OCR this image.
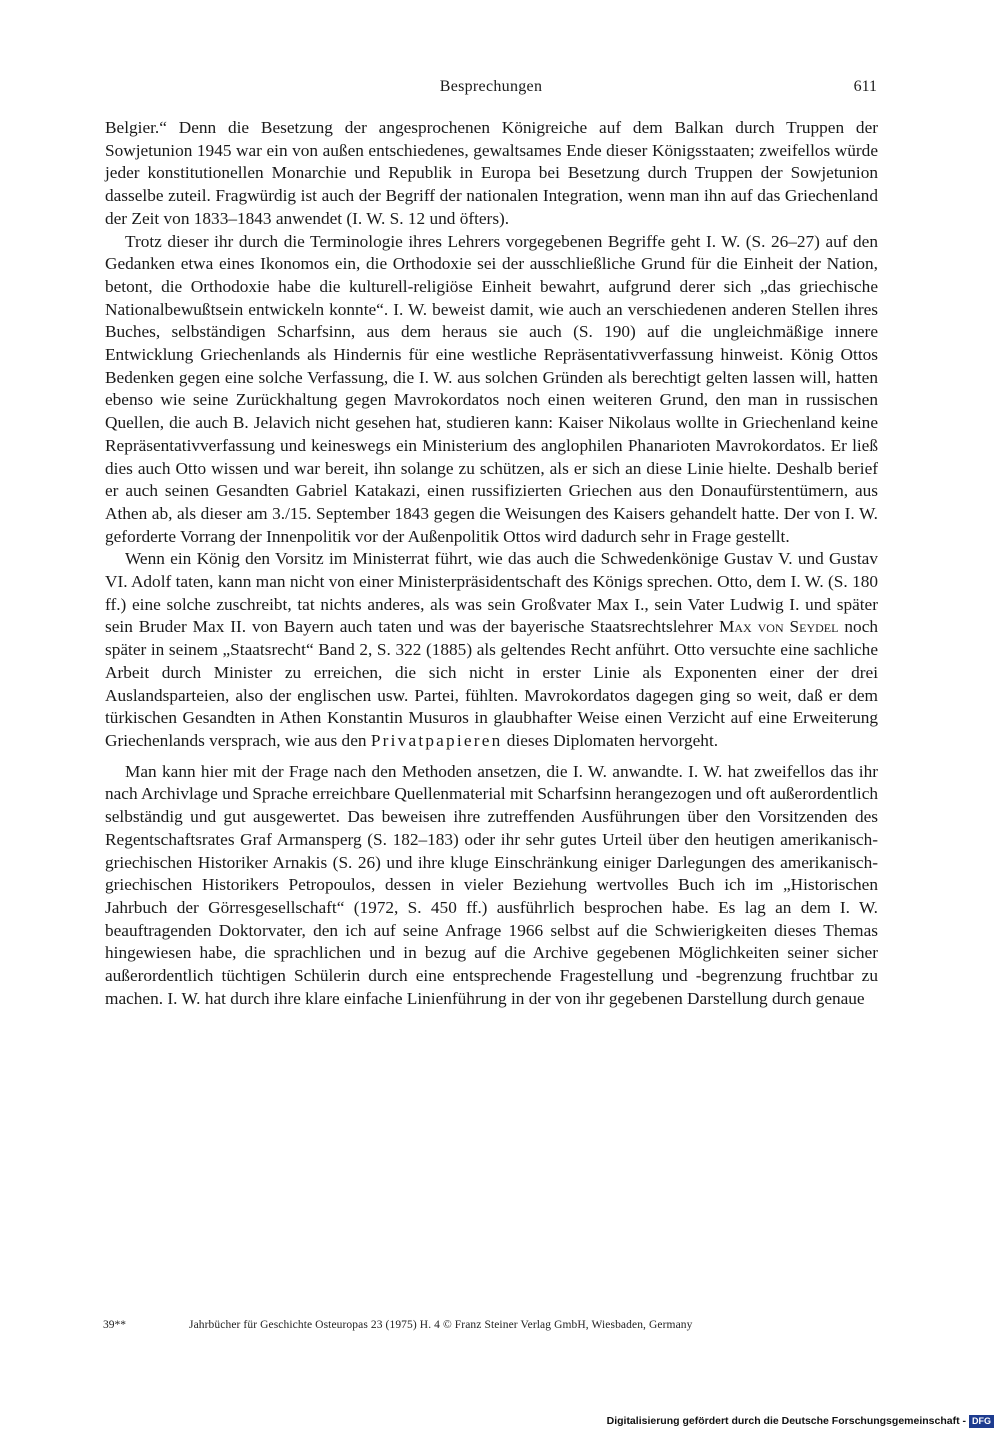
Besprechungen	611

Belgier.“ Denn die Besetzung der angesprochenen Königreiche auf dem Balkan durch Truppen der Sowjetunion 1945 war ein von außen entschiedenes, gewaltsames Ende dieser Königsstaaten; zweifellos würde jeder konstitutionellen Monarchie und Republik in Europa bei Besetzung durch Truppen der Sowjetunion dasselbe zuteil. Fragwürdig ist auch der Begriff der nationalen Integration, wenn man ihn auf das Griechenland der Zeit von 1833–1843 anwendet (I. W. S. 12 und öfters).

Trotz dieser ihr durch die Terminologie ihres Lehrers vorgegebenen Begriffe geht I. W. (S. 26–27) auf den Gedanken etwa eines Ikonomos ein, die Orthodoxie sei der ausschließliche Grund für die Einheit der Nation, betont, die Orthodoxie habe die kulturell-religiöse Einheit bewahrt, aufgrund derer sich „das griechische Nationalbewußtsein entwickeln konnte“. I. W. beweist damit, wie auch an verschiedenen anderen Stellen ihres Buches, selbständigen Scharfsinn, aus dem heraus sie auch (S. 190) auf die ungleichmäßige innere Entwicklung Griechenlands als Hindernis für eine westliche Repräsentativverfassung hinweist. König Ottos Bedenken gegen eine solche Verfassung, die I. W. aus solchen Gründen als berechtigt gelten lassen will, hatten ebenso wie seine Zurückhaltung gegen Mavrokordatos noch einen weiteren Grund, den man in russischen Quellen, die auch B. Jelavich nicht gesehen hat, studieren kann: Kaiser Nikolaus wollte in Griechenland keine Repräsentativverfassung und keineswegs ein Ministerium des anglophilen Phanarioten Mavrokordatos. Er ließ dies auch Otto wissen und war bereit, ihn solange zu schützen, als er sich an diese Linie hielte. Deshalb berief er auch seinen Gesandten Gabriel Katakazi, einen russifizierten Griechen aus den Donaufürstentümern, aus Athen ab, als dieser am 3./15. September 1843 gegen die Weisungen des Kaisers gehandelt hatte. Der von I. W. geforderte Vorrang der Innenpolitik vor der Außenpolitik Ottos wird dadurch sehr in Frage gestellt.

Wenn ein König den Vorsitz im Ministerrat führt, wie das auch die Schwedenkönige Gustav V. und Gustav VI. Adolf taten, kann man nicht von einer Ministerpräsidentschaft des Königs sprechen. Otto, dem I. W. (S. 180 ff.) eine solche zuschreibt, tat nichts anderes, als was sein Großvater Max I., sein Vater Ludwig I. und später sein Bruder Max II. von Bayern auch taten und was der bayerische Staatsrechtslehrer Max von Seydel noch später in seinem „Staatsrecht“ Band 2, S. 322 (1885) als geltendes Recht anführt. Otto versuchte eine sachliche Arbeit durch Minister zu erreichen, die sich nicht in erster Linie als Exponenten einer der drei Auslandsparteien, also der englischen usw. Partei, fühlten. Mavrokordatos dagegen ging so weit, daß er dem türkischen Gesandten in Athen Konstantin Musuros in glaubhafter Weise einen Verzicht auf eine Erweiterung Griechenlands versprach, wie aus den Privatpapieren dieses Diplomaten hervorgeht.

Man kann hier mit der Frage nach den Methoden ansetzen, die I. W. anwandte. I. W. hat zweifellos das ihr nach Archivlage und Sprache erreichbare Quellenmaterial mit Scharfsinn herangezogen und oft außerordentlich selbständig und gut ausgewertet. Das beweisen ihre zutreffenden Ausführungen über den Vorsitzenden des Regentschaftsrates Graf Armansperg (S. 182–183) oder ihr sehr gutes Urteil über den heutigen amerikanisch-griechischen Historiker Arnakis (S. 26) und ihre kluge Einschränkung einiger Darlegungen des amerikanisch-griechischen Historikers Petropoulos, dessen in vieler Beziehung wertvolles Buch ich im „Historischen Jahrbuch der Görresgesellschaft“ (1972, S. 450 ff.) ausführlich besprochen habe. Es lag an dem I. W. beauftragenden Doktorvater, den ich auf seine Anfrage 1966 selbst auf die Schwierigkeiten dieses Themas hingewiesen habe, die sprachlichen und in bezug auf die Archive gegebenen Möglichkeiten seiner sicher außerordentlich tüchtigen Schülerin durch eine entsprechende Fragestellung und -begrenzung fruchtbar zu machen. I. W. hat durch ihre klare einfache Linienführung in der von ihr gegebenen Darstellung durch genaue

39**	Jahrbücher für Geschichte Osteuropas 23 (1975) H. 4 © Franz Steiner Verlag GmbH, Wiesbaden, Germany
Digitalisierung gefördert durch die Deutsche Forschungsgemeinschaft - DFG
